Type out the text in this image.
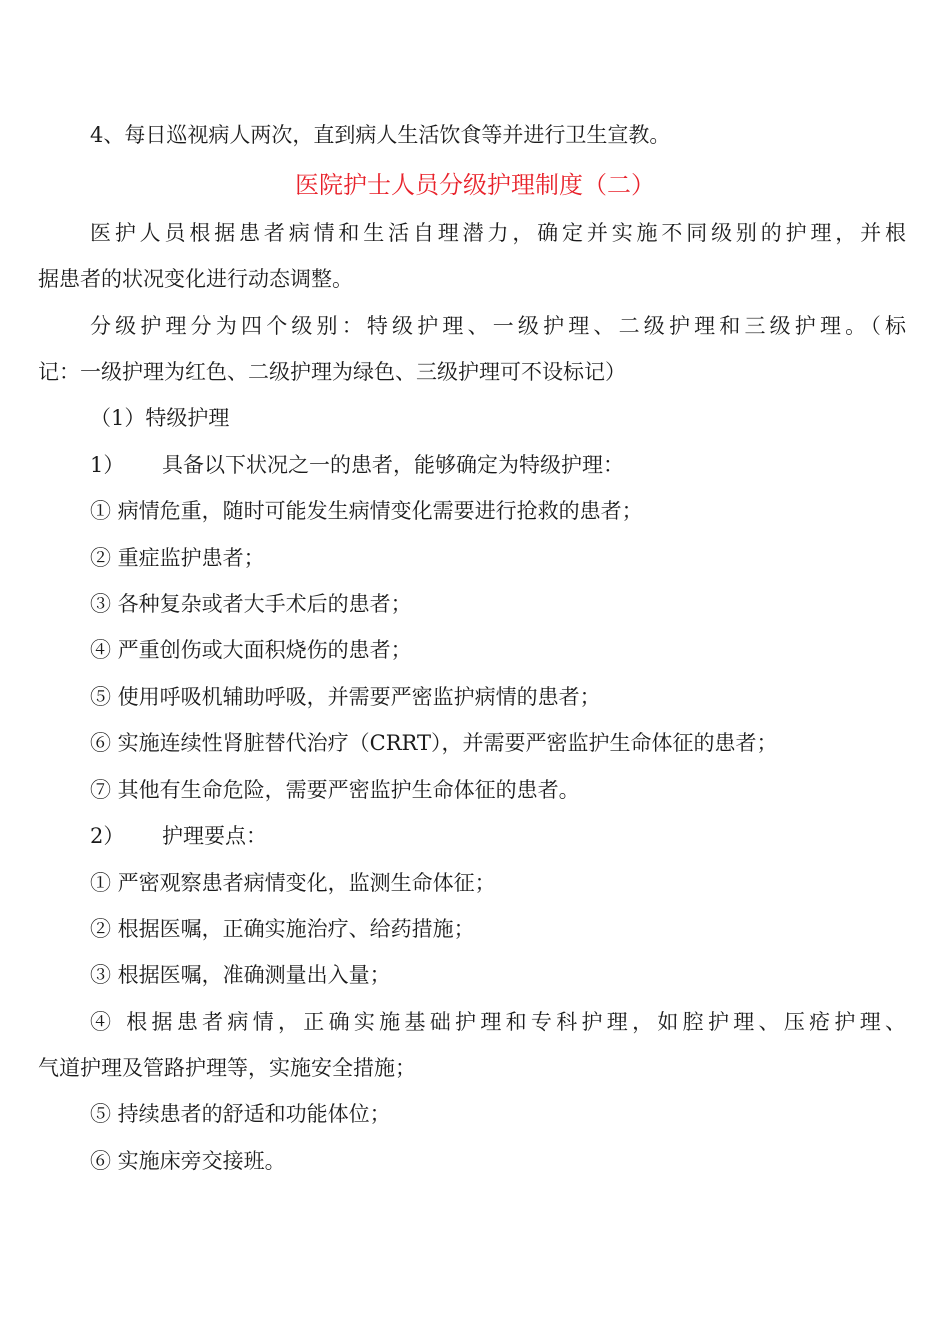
4、每日巡视病人两次，直到病人生活饮食等并进行卫生宣教。
医院护士人员分级护理制度（二）
医护人员根据患者病情和生活自理潜力，确定并实施不同级别的护理，并根
据患者的状况变化进行动态调整。
分级护理分为四个级别：特级护理、一级护理、二级护理和三级护理。（标
记：一级护理为红色、二级护理为绿色、三级护理可不设标记）
（1）特级护理
1） 具备以下状况之一的患者，能够确定为特级护理：
① 病情危重，随时可能发生病情变化需要进行抢救的患者；
② 重症监护患者；
③ 各种复杂或者大手术后的患者；
④ 严重创伤或大面积烧伤的患者；
⑤ 使用呼吸机辅助呼吸，并需要严密监护病情的患者；
⑥ 实施连续性肾脏替代治疗（CRRT），并需要严密监护生命体征的患者；
⑦ 其他有生命危险，需要严密监护生命体征的患者。
2） 护理要点：
① 严密观察患者病情变化，监测生命体征；
② 根据医嘱，正确实施治疗、给药措施；
③ 根据医嘱，准确测量出入量；
④ 根据患者病情，正确实施基础护理和专科护理，如腔护理、压疮护理、
气道护理及管路护理等，实施安全措施；
⑤ 持续患者的舒适和功能体位；
⑥ 实施床旁交接班。
